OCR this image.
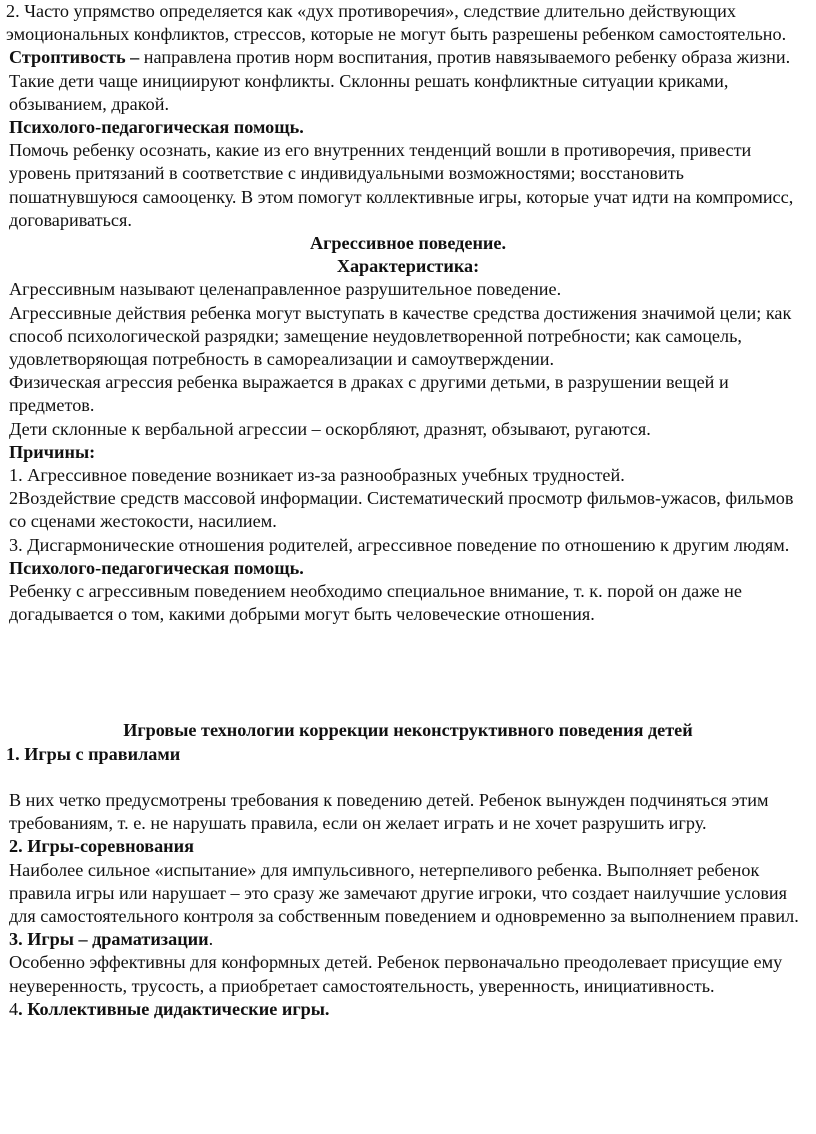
2. Часто упрямство определяется как «дух противоречия», следствие длительно действующих эмоциональных конфликтов, стрессов, которые не могут быть разрешены ребенком самостоятельно.

Строптивость – направлена против норм воспитания, против навязываемого ребенку образа жизни. Такие дети чаще инициируют конфликты. Склонны решать конфликтные ситуации криками, обзыванием, дракой.

Психолого-педагогическая помощь.

Помочь ребенку осознать, какие из его внутренних тенденций вошли в противоречия, привести уровень притязаний в соответствие с индивидуальными возможностями; восстановить пошатнувшуюся самооценку. В этом помогут коллективные игры, которые учат идти на компромисс, договариваться.

Агрессивное поведение.

Характеристика:

Агрессивным называют целенаправленное разрушительное поведение.

Агрессивные действия ребенка могут выступать в качестве средства достижения значимой цели; как способ психологической разрядки; замещение неудовлетворенной потребности; как самоцель, удовлетворяющая потребность в самореализации и самоутверждении.

Физическая агрессия ребенка выражается в драках с другими детьми, в разрушении вещей и предметов.

Дети склонные к вербальной агрессии – оскорбляют, дразнят, обзывают, ругаются.

Причины:

1. Агрессивное поведение возникает из-за разнообразных учебных трудностей.

2Воздействие средств массовой информации. Систематический просмотр фильмов-ужасов, фильмов со сценами жестокости, насилием.

3. Дисгармонические отношения родителей, агрессивное поведение по отношению к другим людям.

Психолого-педагогическая помощь.

Ребенку с агрессивным поведением необходимо специальное внимание, т. к. порой он даже не догадывается о том, какими добрыми могут быть человеческие отношения.

Игровые технологии коррекции неконструктивного поведения детей

1. Игры с правилами

В них четко предусмотрены требования к поведению детей. Ребенок вынужден подчиняться этим требованиям, т. е. не нарушать правила, если он желает играть и не хочет разрушить игру.

2. Игры-соревнования

Наиболее сильное «испытание» для импульсивного, нетерпеливого ребенка. Выполняет ребенок правила игры или нарушает – это сразу же замечают другие игроки, что создает наилучшие условия для самостоятельного контроля за собственным поведением и одновременно за выполнением правил.

3. Игры – драматизации.

Особенно эффективны для конформных детей. Ребенок первоначально преодолевает присущие ему неуверенность, трусость, а приобретает самостоятельность, уверенность, инициативность.

4. Коллективные дидактические игры.
